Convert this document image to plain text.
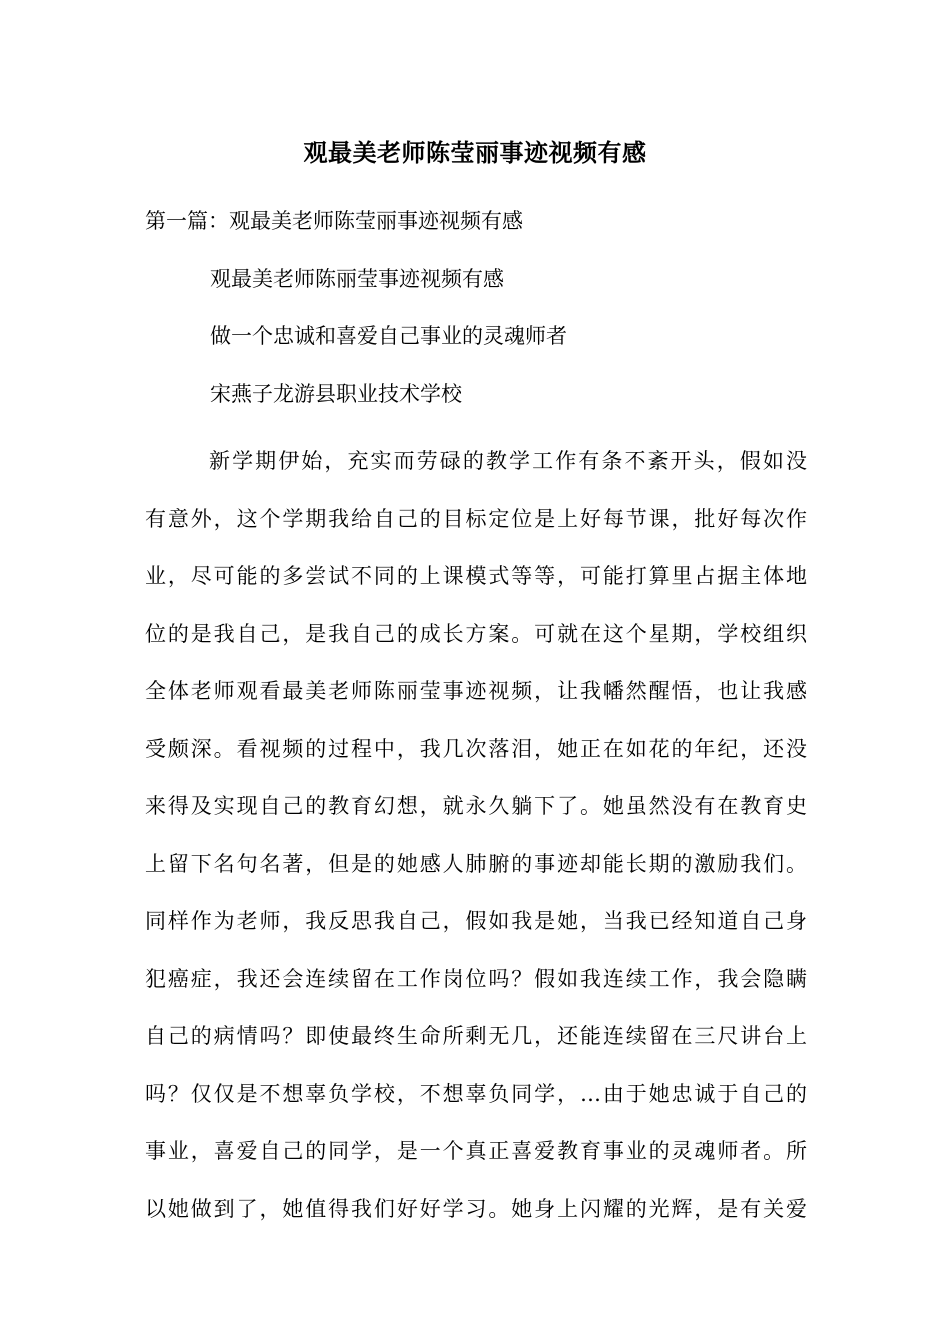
观最美老师陈莹丽事迹视频有感
第一篇：观最美老师陈莹丽事迹视频有感
观最美老师陈丽莹事迹视频有感
做一个忠诚和喜爱自己事业的灵魂师者
宋燕子龙游县职业技术学校
新学期伊始，充实而劳碌的教学工作有条不紊开头，假如没
有意外，这个学期我给自己的目标定位是上好每节课，批好每次作
业，尽可能的多尝试不同的上课模式等等，可能打算里占据主体地
位的是我自己，是我自己的成长方案。可就在这个星期，学校组织
全体老师观看最美老师陈丽莹事迹视频，让我幡然醒悟，也让我感
受颇深。看视频的过程中，我几次落泪，她正在如花的年纪，还没
来得及实现自己的教育幻想，就永久躺下了。她虽然没有在教育史
上留下名句名著，但是的她感人肺腑的事迹却能长期的激励我们。
同样作为老师，我反思我自己，假如我是她，当我已经知道自己身
犯癌症，我还会连续留在工作岗位吗？假如我连续工作，我会隐瞒
自己的病情吗？即使最终生命所剩无几，还能连续留在三尺讲台上
吗？仅仅是不想辜负学校，不想辜负同学，…由于她忠诚于自己的
事业，喜爱自己的同学，是一个真正喜爱教育事业的灵魂师者。所
以她做到了，她值得我们好好学习。她身上闪耀的光辉，是有关爱
